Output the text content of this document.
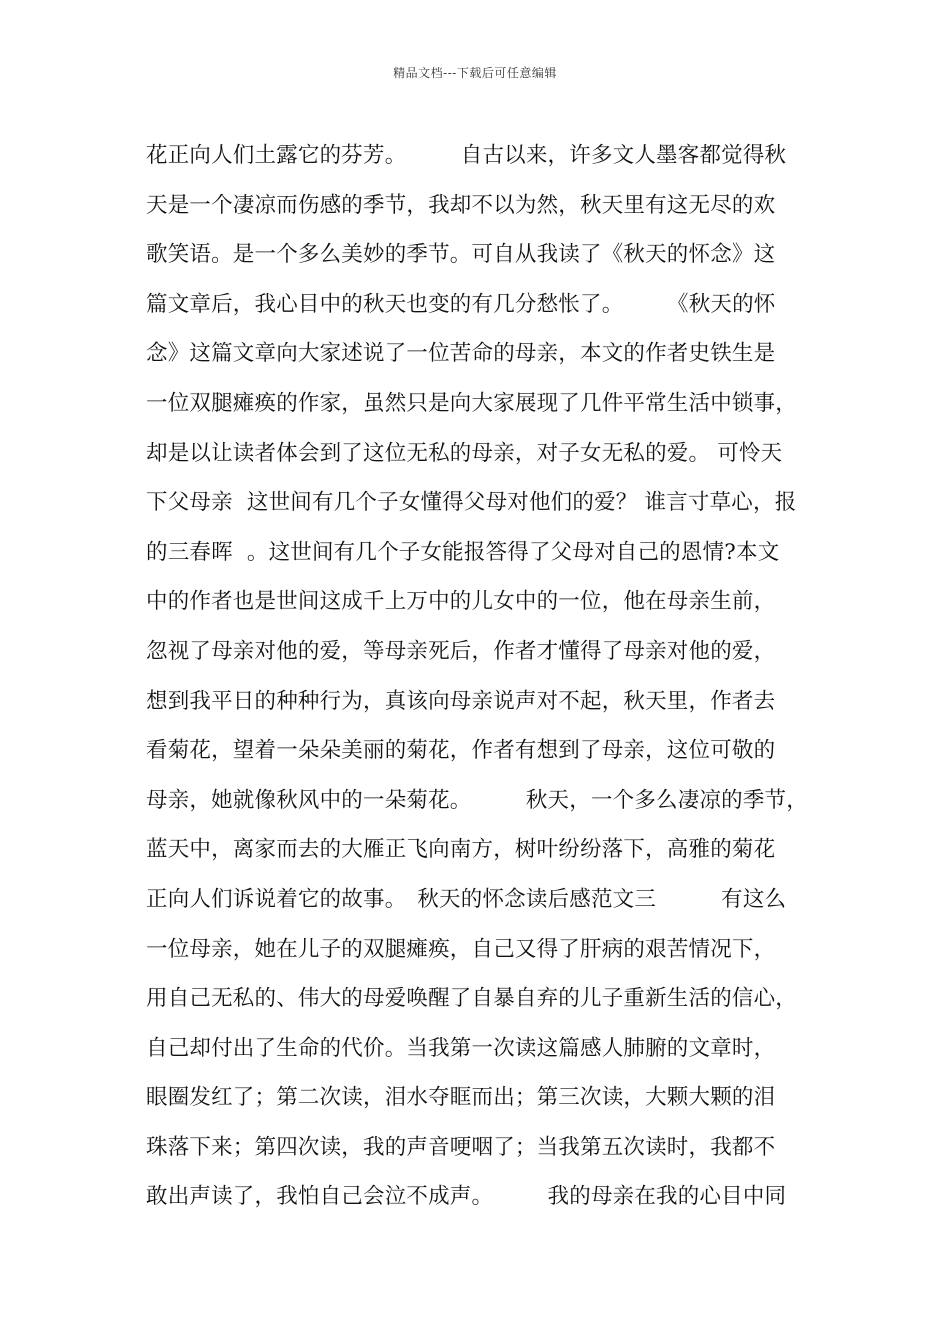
精品文档---下载后可任意编辑
花正向人们土露它的芬芳。　　　自古以来，许多文人墨客都觉得秋
天是一个凄凉而伤感的季节，我却不以为然，秋天里有这无尽的欢
歌笑语。是一个多么美妙的季节。可自从我读了《秋天的怀念》这
篇文章后，我心目中的秋天也变的有几分愁怅了。　　　《秋天的怀
念》这篇文章向大家述说了一位苦命的母亲，本文的作者史铁生是
一位双腿瘫痪的作家，虽然只是向大家展现了几件平常生活中锁事，
却是以让读者体会到了这位无私的母亲，对子女无私的爱。 可怜天
下父母亲  这世间有几个子女懂得父母对他们的爱？ 谁言寸草心，报
的三春晖  。这世间有几个子女能报答得了父母对自己的恩情?本文
中的作者也是世间这成千上万中的儿女中的一位，他在母亲生前，
忽视了母亲对他的爱，等母亲死后，作者才懂得了母亲对他的爱，
想到我平日的种种行为，真该向母亲说声对不起，秋天里，作者去
看菊花，望着一朵朵美丽的菊花，作者有想到了母亲，这位可敬的
母亲，她就像秋风中的一朵菊花。　　　秋天，一个多么凄凉的季节，
蓝天中，离家而去的大雁正飞向南方，树叶纷纷落下，高雅的菊花
正向人们诉说着它的故事。　秋天的怀念读后感范文三　　　有这么
一位母亲，她在儿子的双腿瘫痪，自己又得了肝病的艰苦情况下，
用自己无私的、伟大的母爱唤醒了自暴自弃的儿子重新生活的信心，
自己却付出了生命的代价。当我第一次读这篇感人肺腑的文章时，
眼圈发红了；第二次读，泪水夺眶而出；第三次读，大颗大颗的泪
珠落下来；第四次读，我的声音哽咽了；当我第五次读时，我都不
敢出声读了，我怕自己会泣不成声。　　　我的母亲在我的心目中同
